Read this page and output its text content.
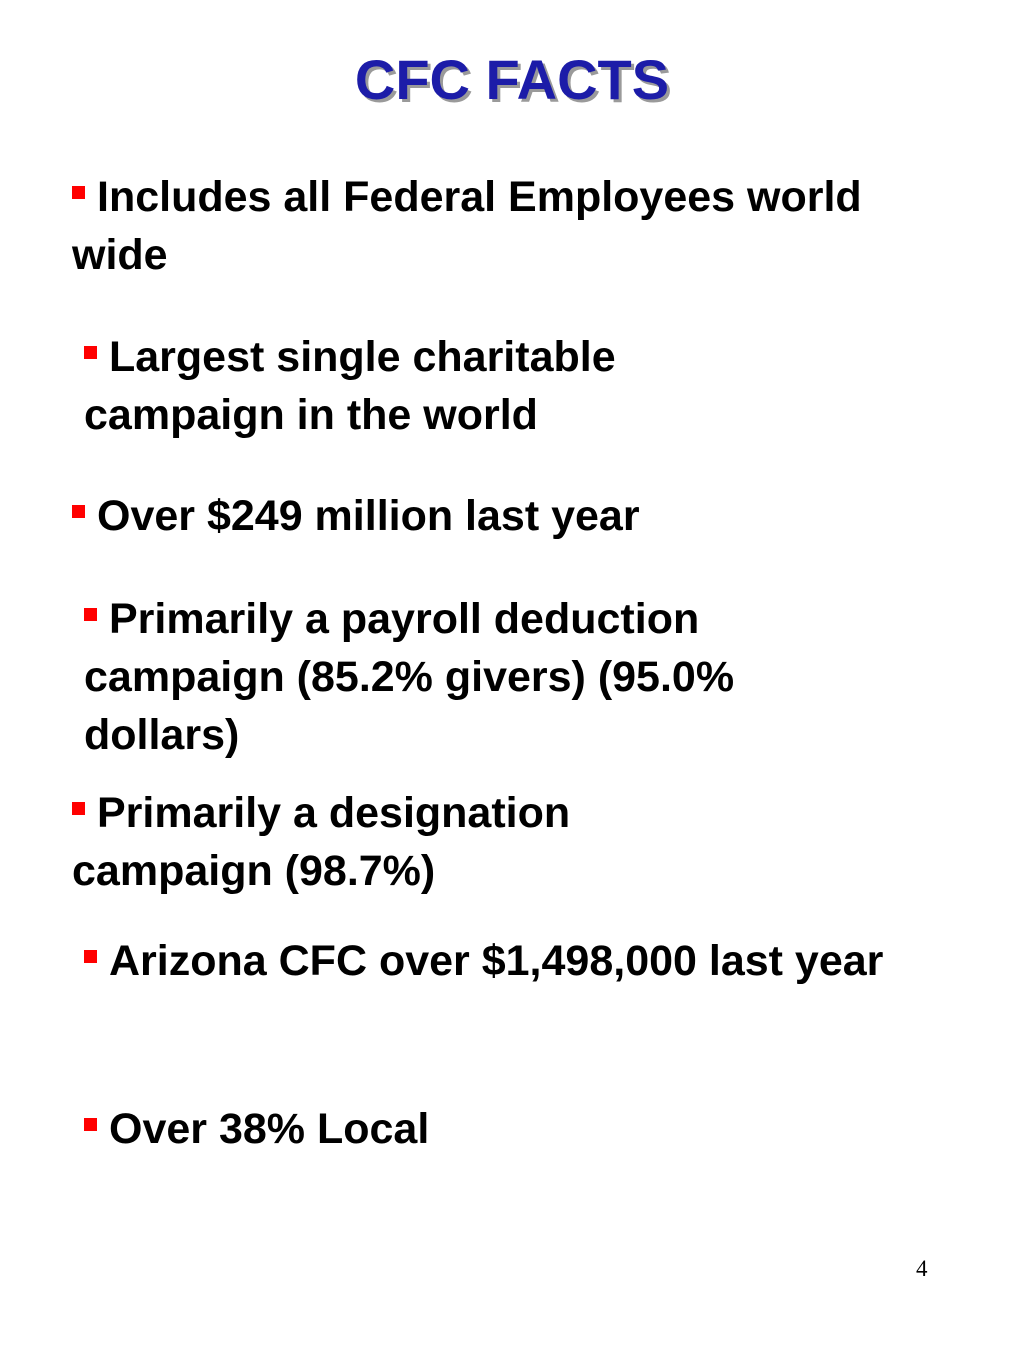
CFC FACTS

Includes all Federal Employees world wide

Largest single charitable campaign in the world

Over $249 million last year

Primarily a payroll deduction campaign (85.2% givers) (95.0% dollars)

Primarily a designation campaign (98.7%)

Arizona CFC over $1,498,000 last year

Over 38% Local

4
